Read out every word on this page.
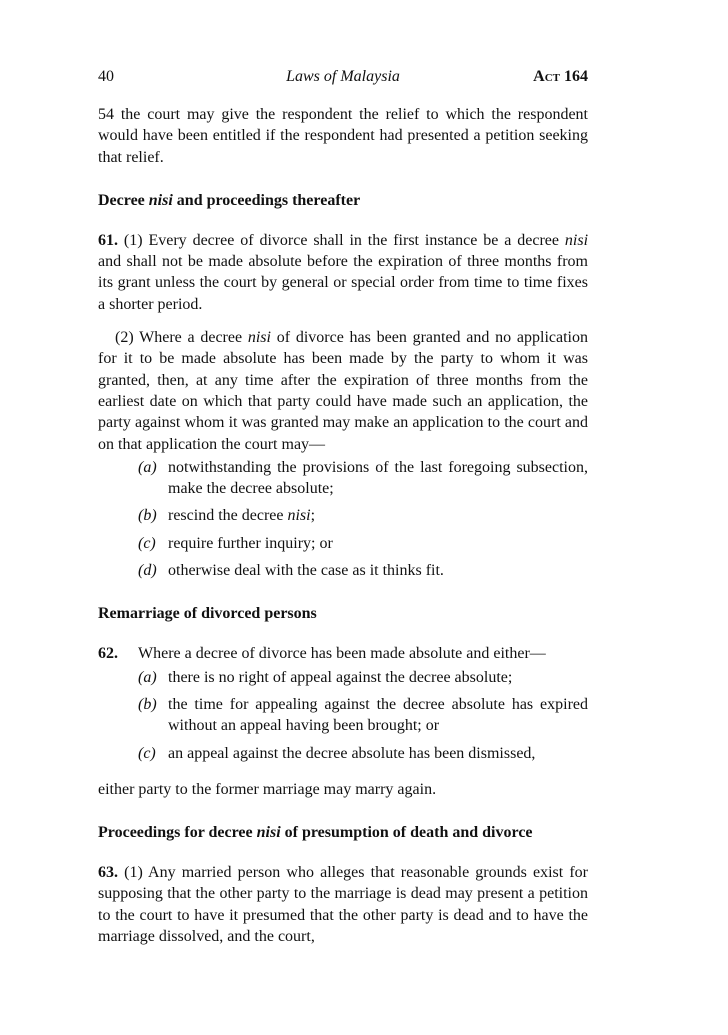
40	Laws of Malaysia	Act 164
54 the court may give the respondent the relief to which the respondent would have been entitled if the respondent had presented a petition seeking that relief.
Decree nisi and proceedings thereafter
61. (1) Every decree of divorce shall in the first instance be a decree nisi and shall not be made absolute before the expiration of three months from its grant unless the court by general or special order from time to time fixes a shorter period.
(2) Where a decree nisi of divorce has been granted and no application for it to be made absolute has been made by the party to whom it was granted, then, at any time after the expiration of three months from the earliest date on which that party could have made such an application, the party against whom it was granted may make an application to the court and on that application the court may—
(a) notwithstanding the provisions of the last foregoing subsection, make the decree absolute;
(b) rescind the decree nisi;
(c) require further inquiry; or
(d) otherwise deal with the case as it thinks fit.
Remarriage of divorced persons
62.	Where a decree of divorce has been made absolute and either—
(a) there is no right of appeal against the decree absolute;
(b) the time for appealing against the decree absolute has expired without an appeal having been brought; or
(c) an appeal against the decree absolute has been dismissed,
either party to the former marriage may marry again.
Proceedings for decree nisi of presumption of death and divorce
63. (1) Any married person who alleges that reasonable grounds exist for supposing that the other party to the marriage is dead may present a petition to the court to have it presumed that the other party is dead and to have the marriage dissolved, and the court,
